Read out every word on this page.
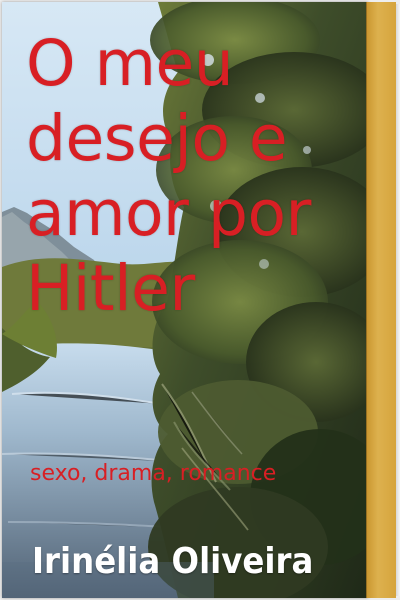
O meu desejo e amor por Hitler
sexo, drama, romance
Irinélia Oliveira
